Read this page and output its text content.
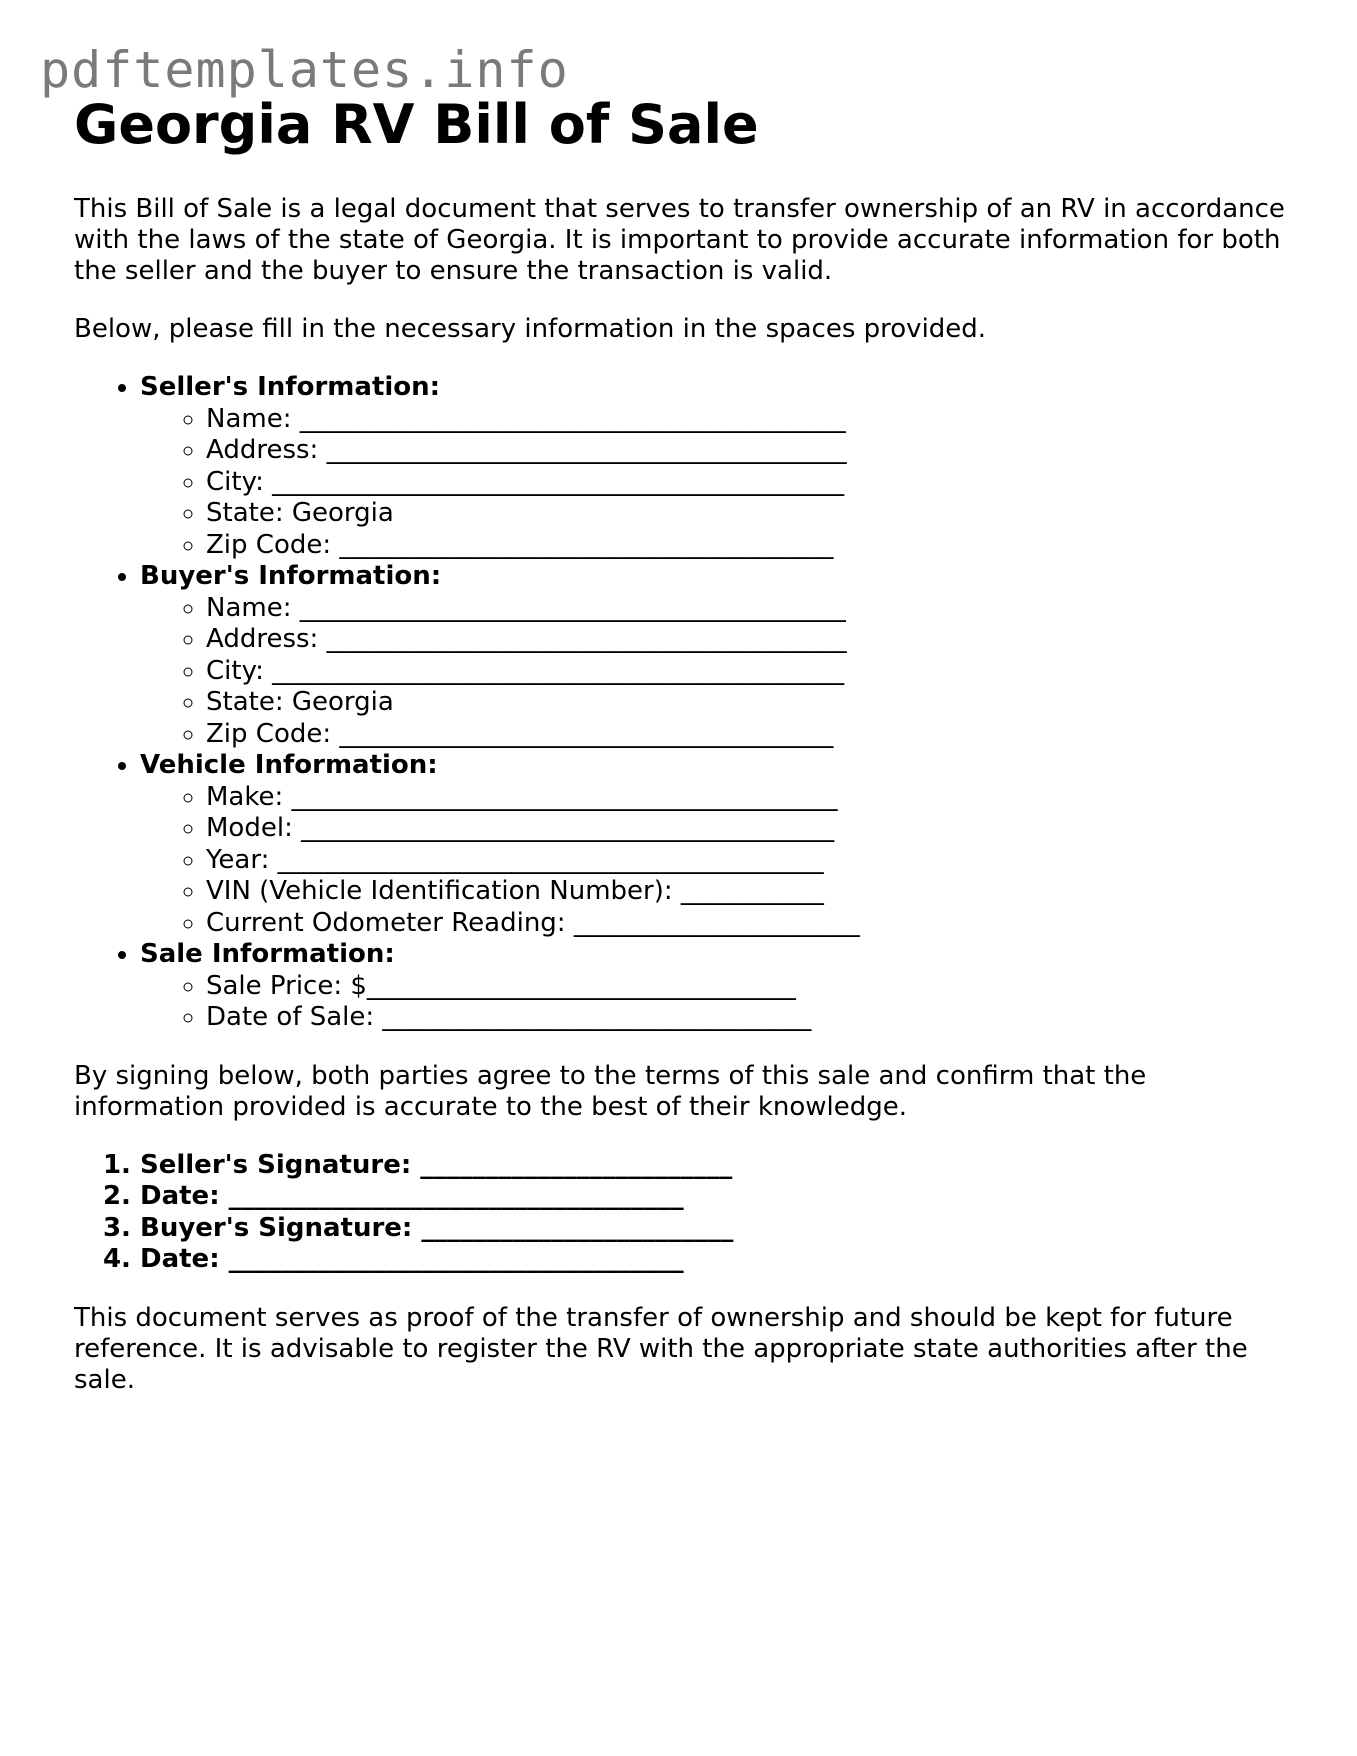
pdftemplates.info
Georgia RV Bill of Sale

This Bill of Sale is a legal document that serves to transfer ownership of an RV in accordance with the laws of the state of Georgia. It is important to provide accurate information for both the seller and the buyer to ensure the transaction is valid.

Below, please fill in the necessary information in the spaces provided.

• Seller's Information:
◦ Name: __________________________________________
◦ Address: ________________________________________
◦ City: ____________________________________________
◦ State: Georgia
◦ Zip Code: ______________________________________
• Buyer's Information:
◦ Name: __________________________________________
◦ Address: ________________________________________
◦ City: ____________________________________________
◦ State: Georgia
◦ Zip Code: ______________________________________
• Vehicle Information:
◦ Make: __________________________________________
◦ Model: _________________________________________
◦ Year: __________________________________________
◦ VIN (Vehicle Identification Number): ___________
◦ Current Odometer Reading: ______________________
• Sale Information:
◦ Sale Price: $_________________________________
◦ Date of Sale: _________________________________

By signing below, both parties agree to the terms of this sale and confirm that the information provided is accurate to the best of their knowledge.

1. Seller's Signature: ________________________
2. Date: ___________________________________
3. Buyer's Signature: ________________________
4. Date: ___________________________________

This document serves as proof of the transfer of ownership and should be kept for future reference. It is advisable to register the RV with the appropriate state authorities after the sale.
